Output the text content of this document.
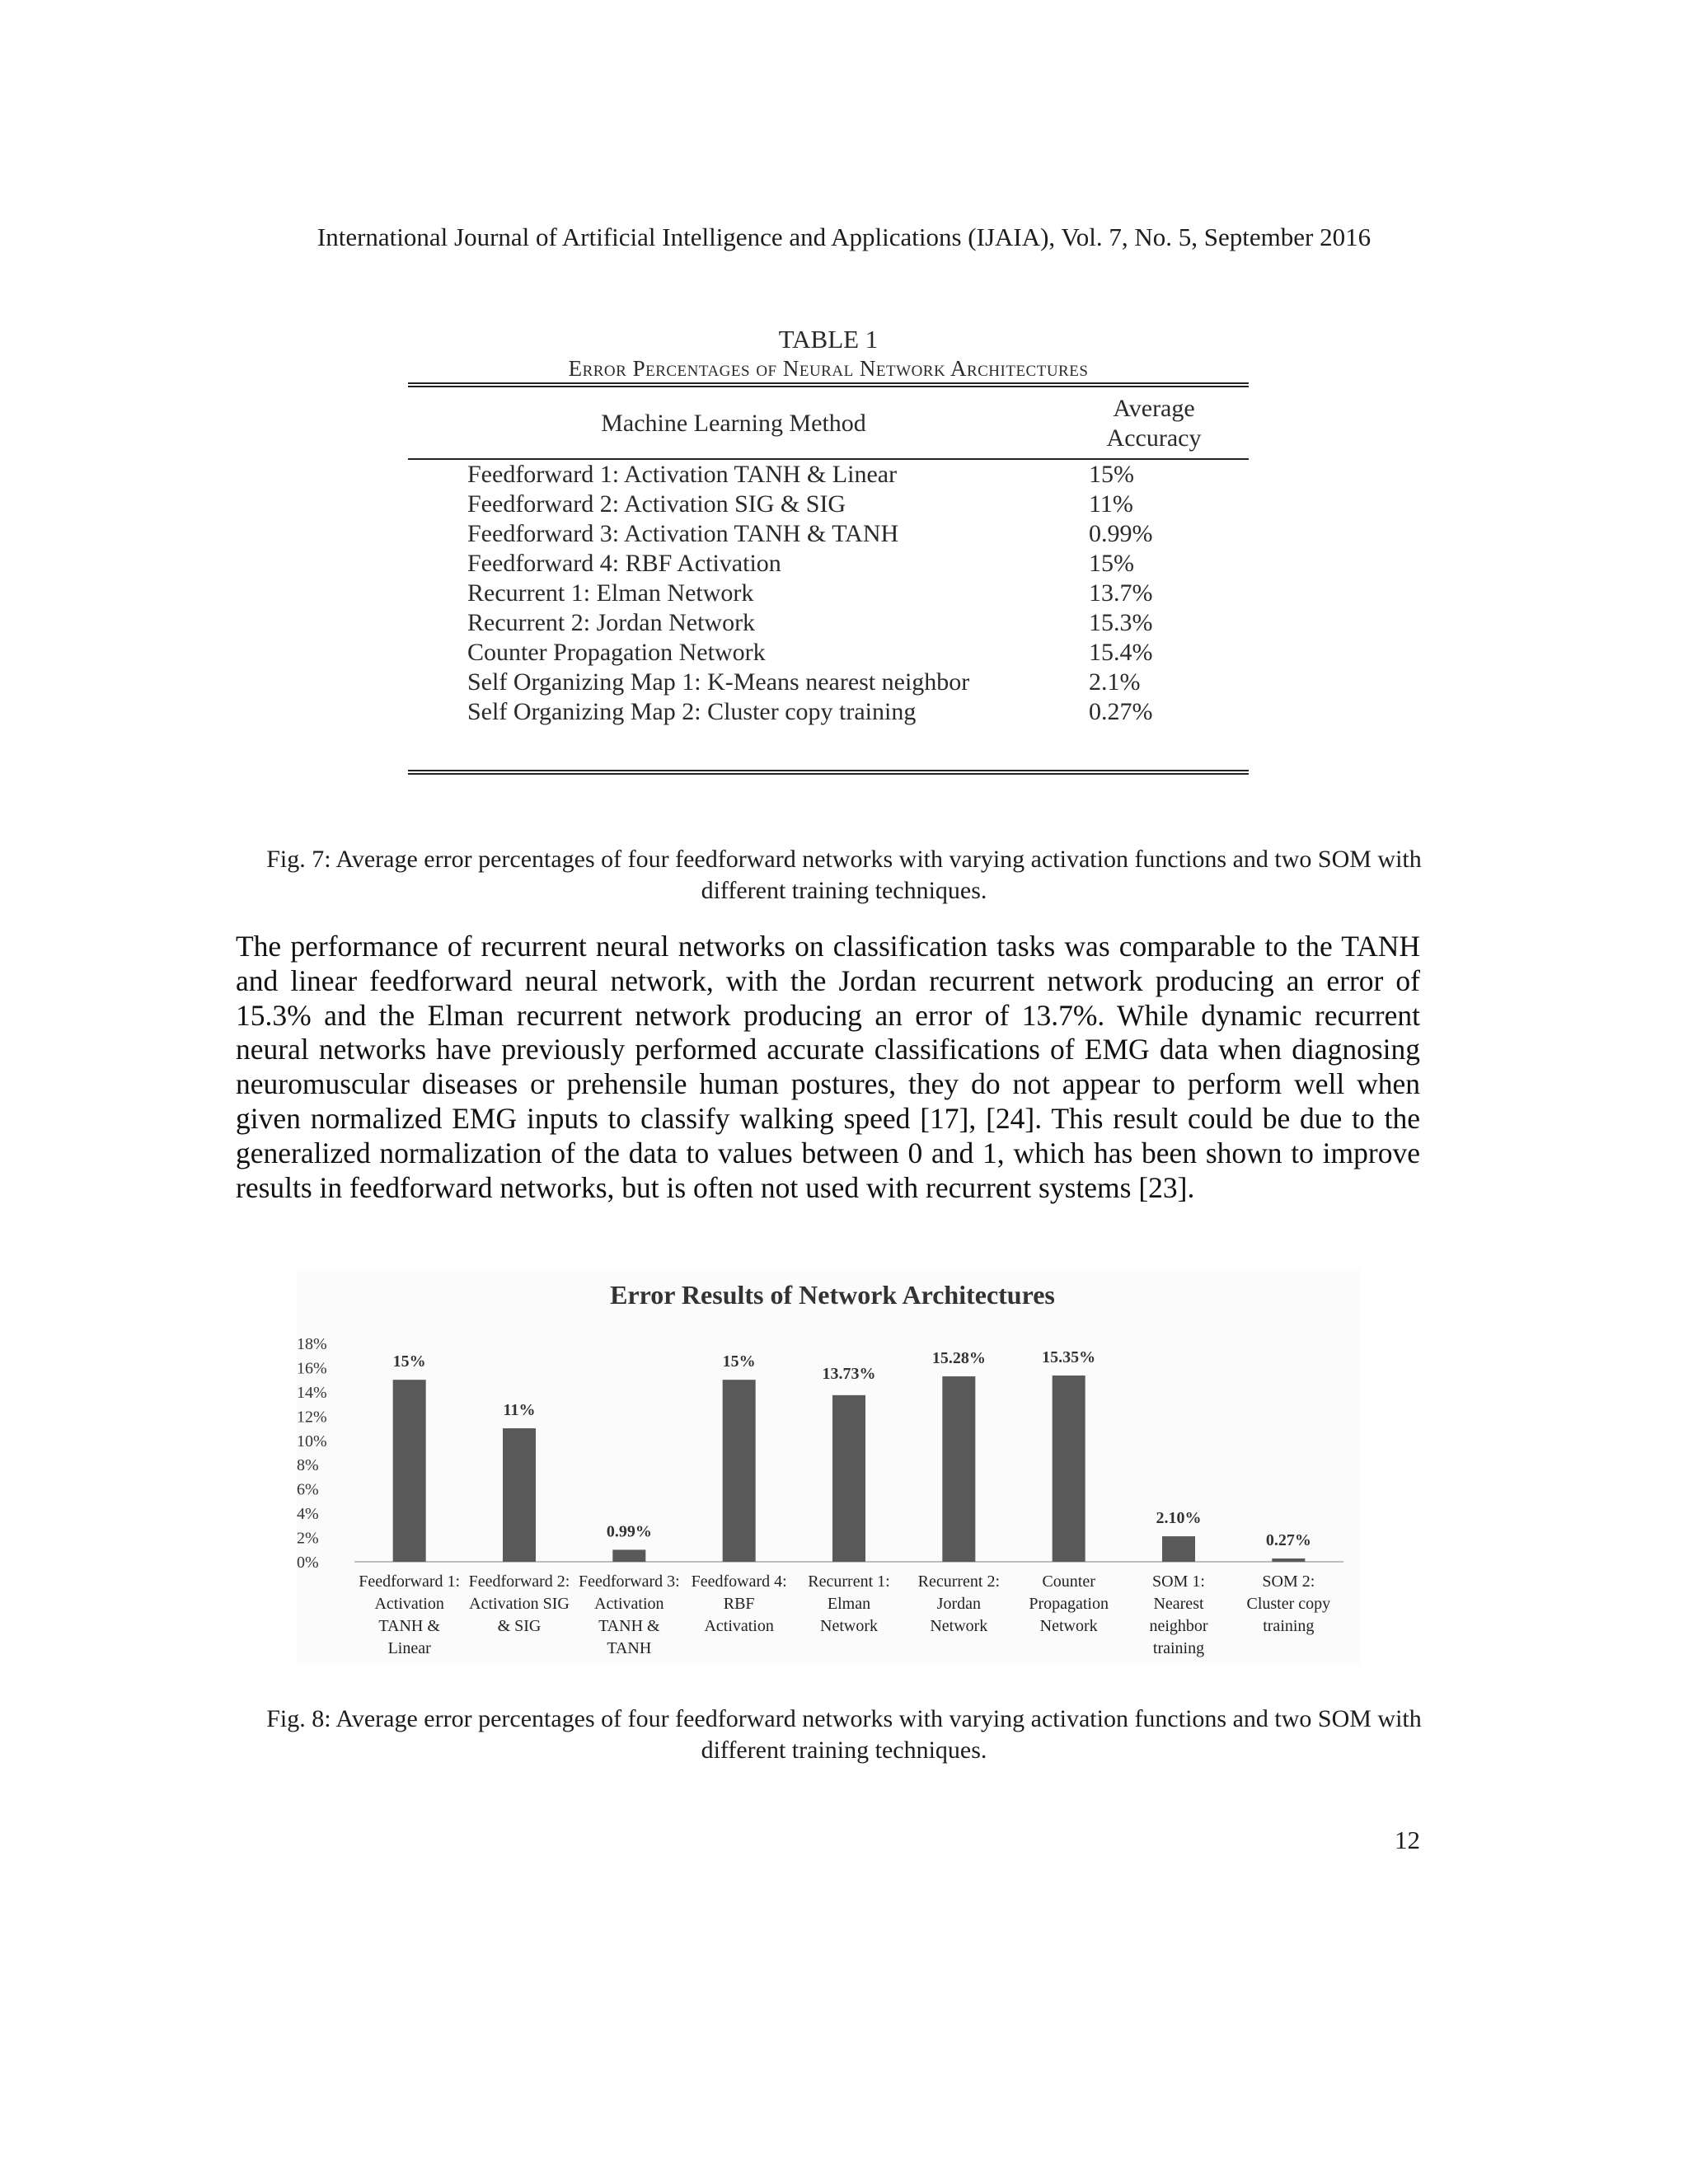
International Journal of Artificial Intelligence and Applications (IJAIA), Vol. 7, No. 5, September 2016
TABLE 1
Error Percentages of Neural Network Architectures
Machine Learning Method	Average
Accuracy

Feedforward 1: Activation TANH & Linear	15%
Feedforward 2: Activation SIG & SIG	11%
Feedforward 3: Activation TANH & TANH	0.99%
Feedforward 4: RBF Activation	15%
Recurrent 1: Elman Network	13.7%
Recurrent 2: Jordan Network	15.3%
Counter Propagation Network	15.4%
Self Organizing Map 1: K-Means nearest neighbor	2.1%
Self Organizing Map 2: Cluster copy training	0.27%
Fig. 7: Average error percentages of four feedforward networks with varying activation functions and two SOM with different training techniques.
The performance of recurrent neural networks on classification tasks was comparable to the TANH and linear feedforward neural network, with the Jordan recurrent network producing an error of 15.3% and the Elman recurrent network producing an error of 13.7%. While dynamic recurrent neural networks have previously performed accurate classifications of EMG data when diagnosing neuromuscular diseases or prehensile human postures, they do not appear to perform well when given normalized EMG inputs to classify walking speed [17], [24]. This result could be due to the generalized normalization of the data to values between 0 and 1, which has been shown to improve results in feedforward networks, but is often not used with recurrent systems [23].
Error Results of Network Architectures
0%
2%
4%
6%
8%
10%
12%
14%
16%
18%
15%
11%
0.99%
15%
13.73%
15.28%	15.35%
2.10%
0.27%
Feedforward 1: Activation TANH & Linear
Feedforward 2: Activation SIG & SIG
Feedforward 3: Activation TANH & TANH
Feedfoward 4: RBF Activation
Recurrent 1: Elman Network
Recurrent 2: Jordan Network
Counter Propagation Network
SOM 1: Nearest neighbor training
SOM 2: Cluster copy training
Fig. 8: Average error percentages of four feedforward networks with varying activation functions and two SOM with different training techniques.
12
